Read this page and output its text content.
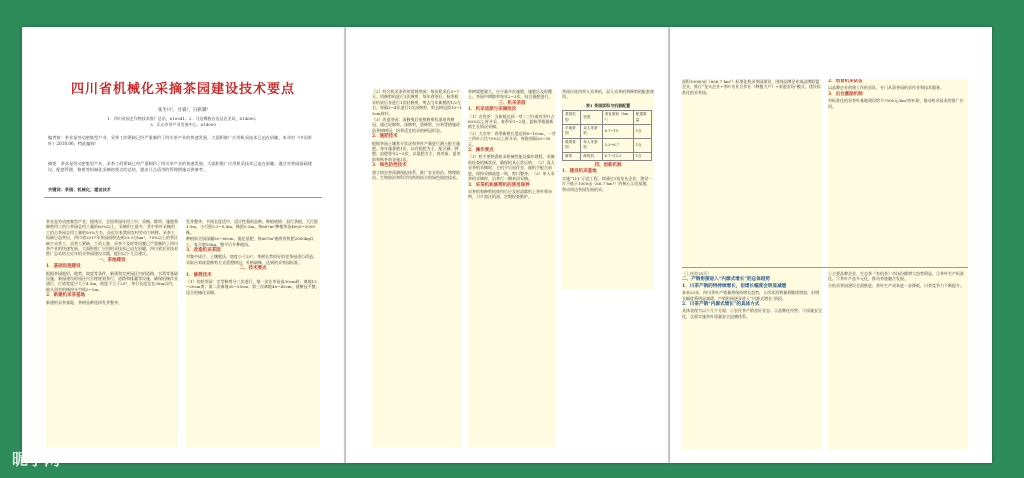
四川省机械化采摘茶园建设技术要点
张冬川¹，甘霖¹，冯骐骥²
1．四川省园艺作物技术推广总站，610041；2．马边彝族自治县农业局，614600；
3．乐山市茶产业发展中心，614000
编者按：茶业是劳动密集型产业，采茶工的紧缺已经严重制约了四川茶产业的快速发展。大面积推广应用机采技术已迫在眉睫，本刊对《中国茶叶》2018.06，特此编按！
摘要：茶业是劳动密集型产业，采茶工的紧缺已经严重制约了四川茶产业的快速发展。大面积推广应用机采技术已迫在眉睫。通过对茶园基础建设、配套管理、修剪等机械化采摘的要点的总结，提出几点适用的管理措施以供参考。
关键词：茶园；机械化；建设技术

茶业是劳动密集型产业，据统计，全国茶园年用工中，采摘、除草、施肥和修剪用工约占茶园总用工量的60%以上，采摘用工最多，其中茶叶采摘用工约占茶园总用工量的50%左右，而近年来我国农村劳动力转移，采茶工短缺日益突出，四川省2017年茶园面积达到33.3万hm²，70%以上的茶区缺少采茶工，采茶工紧缺、工资上涨、采茶不及时等问题已严重制约了四川茶产业的快速发展。大面积推广应用机采技术已迫在眉睫，四川省农业技术推广总站结合近年机采茶园建设实践，提出以下几点建议。

一、茶地建设

1．基础设施建设

根据茶园地形，地势、坡度等条件，新建和完善园区内的道路、水利等基础设施。新园建设时园区内合理规划茶行、道路和排灌等设施，确保机械作业通行，行道宽度应大于4.5m，坡度不大于20°，茶行长度宜在30m以内，地头留有机械掉头空间3~5m。

2．新建机采茶基地

新建机采茶基地，茶树品种选择发芽整齐、

发芽整齐、节间长度适中、适应性强的品种。种植规格：双行条植，大行距1.5m，小行距0.3~0.4m，株距0.3m，每667m²种植茶苗4000~5000株。

种植前全园深翻50~60cm，施足基肥，每667m²施用有机肥2000kg以上、复合肥50kg，整平后开种植沟。

3．改造机采茶园

对集中成片、土壤肥沃、坡度小于25°，茶树长势较好的老茶园进行改造，采取台刈或重修剪方式重塑树冠，补植缺株，达到机采茶园标准。

二、技术要点

1．修剪技术

（1）幼龄茶园：定型修剪分三次进行，第一次在茶苗高30cm时，离地15~20cm剪；第二次离地30~35cm；第三次离地40~45cm，使树冠平整，适合机械化采摘。

（2）符合机采条件的常规茶园：每次机采后5~7天，用修剪机进行1次掸剪，每年春茶后，秋季机采结束后各进行1次轻修剪，剪去当年新梢的1/2左右，每隔3~4年进行1次深修剪，剪去树冠面10~15cm枝叶。

（3）改造茶园：深修剪后按照修剪标准培养树冠，通过轻修剪，深修剪，重修剪，台刈等措施改造茶树树冠，培养适宜机采的树冠形态。

2．施肥技术

根据茶园土壤养分状况和茶叶产量进行测土配方施肥。每年施基肥1次，以有机肥为主，配合磷、钾肥；追肥每年2~3次，以氮肥为主，春茶前、夏茶前和秋茶前各施1次。

3．绿色防控技术

建立病虫害预测预报体系，推广农业防治、物理防治、生物防治和科学用药相结合的绿色防控技术。

茶树需肥量大，应少量多次施肥，施肥后及时覆土。茶园中耕除草每年2~3次，结合施肥进行。

三、机采茶园

1．机采适期与采摘批次

（1）名优茶：当新梢达到一芽二三叶或对夹叶占60%以上时开采，春季采1~2批，夏秋季根据新梢生长情况采摘。

（2）大宗茶：春季新梢长度达到8~10cm，一芽三四叶占比70%以上时开采，每批间隔20~30天。

2．操作要点

（1）机手要熟悉机采机械性能及操作规程，采摘前检查机械状况，确保机具正常运转。（2）双人采茶机采摘时，主机手后退作业，副机手配合前进，保持采摘高度一致，剪口整齐。（3）单人采茶机采摘时，沿茶行一侧来回采摘。

3．采茶机和修剪机的使用保养

采茶机和修剪机使用后应及时清除机上茶叶和杂物，刀片加注机油，定期检查维护。

茶园应选用单人采茶机、双人采茶机和修剪机配套使用。

表1 茶园面积与机器配置

茶园类型	机型	适宜面积（hm²）	配置数量
平地茶园	双人采茶机	6.7~10	1台
缓坡茶园	单人采茶机	3.3~6.7	1台
修剪	修剪机	6.7~13.3	1台

四、创新机制

1．建设机采基地

实施“111”示范工程，即通过1家龙头企业，建设一片不低于1000亩（66.7 hm²）的核心示范基地，带动周边茶园发展机采。

面积10000亩（666.7 hm²）标准化机采茶园建设，围绕品牌企业或品牌联盟企业，推行“龙头企业+茶叶专业合作社（种植大户）+家庭农场”模式，建设标准化机采茶园。

2．培育机采队伍

以品牌企业创建工作机采队，专门从事茶园机采作业和技术服务。

3．出台激励机制

对标准化机采茶叶基地建设给予7500元/hm²的补助，推动机采技术的推广应用。

（上接第14页）

二、产销衔接进入“内源式增长”的总体趋势

1．川茶产销的特持续增长，但增长幅度会明显减缓

本来20年，四川茶叶产销量将保持增长趋势，人均年消费量将继续增加，但增长幅度将明显减缓，产销衔接逐步进入“内源式增长”阶段。

2．川茶产销“内源式增长”的具体方式

具体表现为以下几个方面：①农民茶产销良好业态；②品牌化经营；③质量安全化，全面实施茶叶质量安全追溯体系。

①主要品牌企业，生态茶（有机茶）市场份额增大趋势明显。②茶叶生产标准化。③茶叶产品多元化，推动茶旅融合发展。

④机采茶园建设全面推进，茶叶生产成本进一步降低，川茶竞争力不断提升。

昵享网	www.nipic.cn	ID:26767991 NO:20190124144404270082
